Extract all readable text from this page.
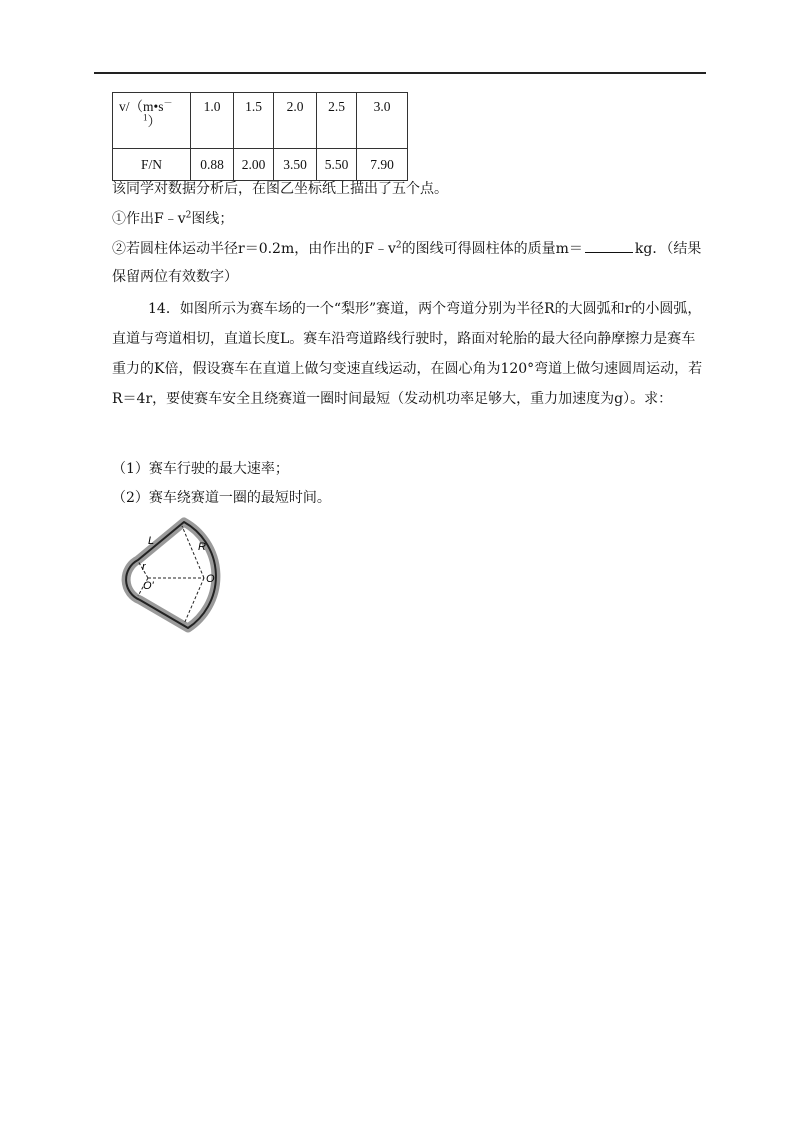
v/（m•s－
$^1$）	1.0	1.5	2.0	2.5	3.0
F/N	0.88	2.00	3.50	5.50	7.90
该同学对数据分析后，在图乙坐标纸上描出了五个点。
①作出$F﹣v^2$图线；
②若圆柱体运动半径r＝0.2m，由作出的$F﹣v^2$的图线可得圆柱体的质量m＝	kg．（结果
保留两位有效数字）
14．如图所示为赛车场的一个“梨形”赛道，两个弯道分别为半径R的大圆弧和r的小圆弧，直道与弯道相切，直道长度L。赛车沿弯道路线行驶时，路面对轮胎的最大径向静摩擦力是赛车重力的K倍，假设赛车在直道上做匀变速直线运动，在圆心角为120°弯道上做匀速圆周运动，若R＝4r，要使赛车安全且绕赛道一圈时间最短（发动机功率足够大，重力加速度为g）。求：
（1）赛车行驶的最大速率；
（2）赛车绕赛道一圈的最短时间。
L	R
r
O
O'
